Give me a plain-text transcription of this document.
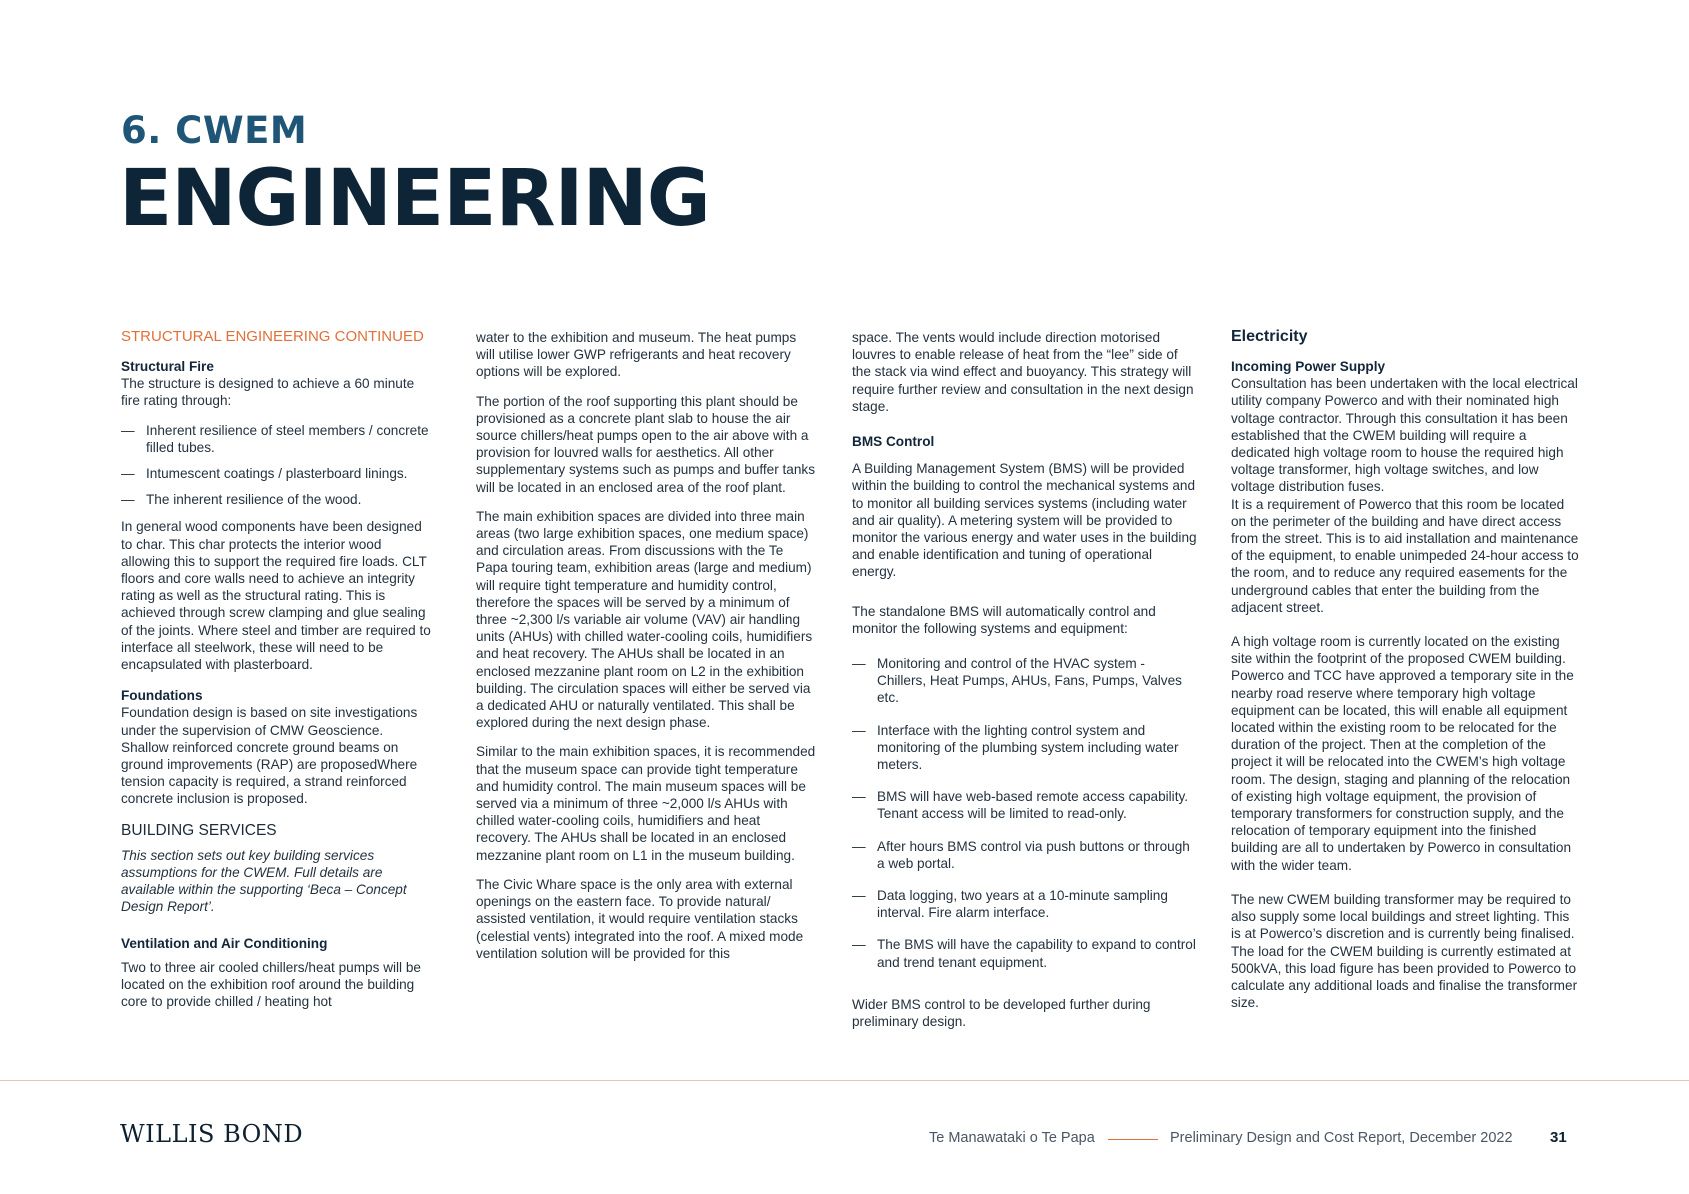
6. CWEM
ENGINEERING
STRUCTURAL ENGINEERING CONTINUED
Structural Fire

The structure is designed to achieve a 60 minute fire rating through:

— Inherent resilience of steel members / concrete filled tubes.
— Intumescent coatings / plasterboard linings.
— The inherent resilience of the wood.

In general wood components have been designed to char. This char protects the interior wood allowing this to support the required fire loads. CLT floors and core walls need to achieve an integrity rating as well as the structural rating. This is achieved through screw clamping and glue sealing of the joints. Where steel and timber are required to interface all steelwork, these will need to be encapsulated with plasterboard.

Foundations

Foundation design is based on site investigations under the supervision of CMW Geoscience. Shallow reinforced concrete ground beams on ground improvements (RAP) are proposedWhere tension capacity is required, a strand reinforced concrete inclusion is proposed.

BUILDING SERVICES

This section sets out key building services assumptions for the CWEM. Full details are available within the supporting ‘Beca – Concept Design Report’.

Ventilation and Air Conditioning

Two to three air cooled chillers/heat pumps will be located on the exhibition roof around the building core to provide chilled / heating hot

water to the exhibition and museum. The heat pumps will utilise lower GWP refrigerants and heat recovery options will be explored.

The portion of the roof supporting this plant should be provisioned as a concrete plant slab to house the air source chillers/heat pumps open to the air above with a provision for louvred walls for aesthetics. All other supplementary systems such as pumps and buffer tanks will be located in an enclosed area of the roof plant.

The main exhibition spaces are divided into three main areas (two large exhibition spaces, one medium space) and circulation areas. From discussions with the Te Papa touring team, exhibition areas (large and medium) will require tight temperature and humidity control, therefore the spaces will be served by a minimum of three ~2,300 l/s variable air volume (VAV) air handling units (AHUs) with chilled water-cooling coils, humidifiers and heat recovery. The AHUs shall be located in an enclosed mezzanine plant room on L2 in the exhibition building. The circulation spaces will either be served via a dedicated AHU or naturally ventilated. This shall be explored during the next design phase.

Similar to the main exhibition spaces, it is recommended that the museum space can provide tight temperature and humidity control. The main museum spaces will be served via a minimum of three ~2,000 l/s AHUs with chilled water-cooling coils, humidifiers and heat recovery. The AHUs shall be located in an enclosed mezzanine plant room on L1 in the museum building.

The Civic Whare space is the only area with external openings on the eastern face. To provide natural/ assisted ventilation, it would require ventilation stacks (celestial vents) integrated into the roof. A mixed mode ventilation solution will be provided for this

space. The vents would include direction motorised louvres to enable release of heat from the “lee” side of the stack via wind effect and buoyancy. This strategy will require further review and consultation in the next design stage.

BMS Control

A Building Management System (BMS) will be provided within the building to control the mechanical systems and to monitor all building services systems (including water and air quality). A metering system will be provided to monitor the various energy and water uses in the building and enable identification and tuning of operational energy.

The standalone BMS will automatically control and monitor the following systems and equipment:

— Monitoring and control of the HVAC system - Chillers, Heat Pumps, AHUs, Fans, Pumps, Valves etc.
— Interface with the lighting control system and monitoring of the plumbing system including water meters.
— BMS will have web-based remote access capability. Tenant access will be limited to read-only.
— After hours BMS control via push buttons or through a web portal.
— Data logging, two years at a 10-minute sampling interval. Fire alarm interface.
— The BMS will have the capability to expand to control and trend tenant equipment.

Wider BMS control to be developed further during preliminary design.

Electricity
Incoming Power Supply

Consultation has been undertaken with the local electrical utility company Powerco and with their nominated high voltage contractor. Through this consultation it has been established that the CWEM building will require a dedicated high voltage room to house the required high voltage transformer, high voltage switches, and low voltage distribution fuses.

It is a requirement of Powerco that this room be located on the perimeter of the building and have direct access from the street. This is to aid installation and maintenance of the equipment, to enable unimpeded 24-hour access to the room, and to reduce any required easements for the underground cables that enter the building from the adjacent street.

A high voltage room is currently located on the existing site within the footprint of the proposed CWEM building. Powerco and TCC have approved a temporary site in the nearby road reserve where temporary high voltage equipment can be located, this will enable all equipment located within the existing room to be relocated for the duration of the project. Then at the completion of the project it will be relocated into the CWEM’s high voltage room. The design, staging and planning of the relocation of existing high voltage equipment, the provision of temporary transformers for construction supply, and the relocation of temporary equipment into the finished building are all to undertaken by Powerco in consultation with the wider team.

The new CWEM building transformer may be required to also supply some local buildings and street lighting. This is at Powerco’s discretion and is currently being finalised. The load for the CWEM building is currently estimated at 500kVA, this load figure has been provided to Powerco to calculate any additional loads and finalise the transformer size.

WILLIS BOND	Te Manawataki o Te Papa	Preliminary Design and Cost Report, December 2022 31
